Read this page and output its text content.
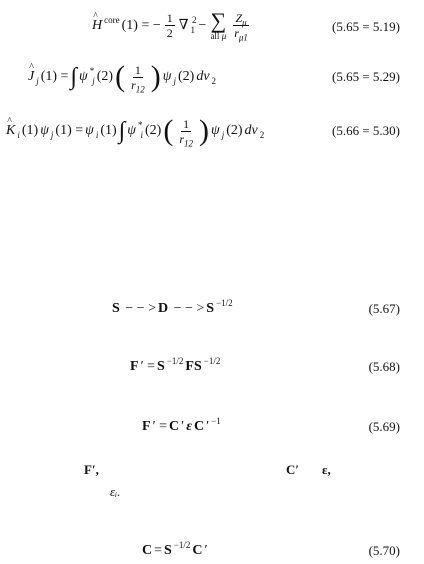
^ $H^{core}$ (1) = − $\frac{1}{2} \nabla_1$
$^2$ − ∑
all μ $\frac{Z_\mu}{r_{\mu 1}}$	(5.65 = 5.19)
^ $J_j$ (1) = ∫ ψ*
$_j$ (2) ( $\frac{1}{r_{12}}$ ) $\psi_j$ (2) $dv_2$	(5.65 = 5.29)
^ $K_i$ (1) $\psi_j$ $(1) = \psi_i$ (1) ∫ ψ*
$_i$ (2) ( $\frac{1}{r_{12}}$ ) $\psi_j$ (2) $dv_2$	(5.66 = 5.30)
S − − > D − − > $S^{-1/2}$	(5.67)
F ′ = $S^{-1/2}$ $FS^{-1/2}$	(5.68)
F ′ = C ′ ε C $'^{-1}$	(5.69)
F′,	C′ ε,
εᵢ.
$C = S^{-1/2}$ C ′	(5.70)
